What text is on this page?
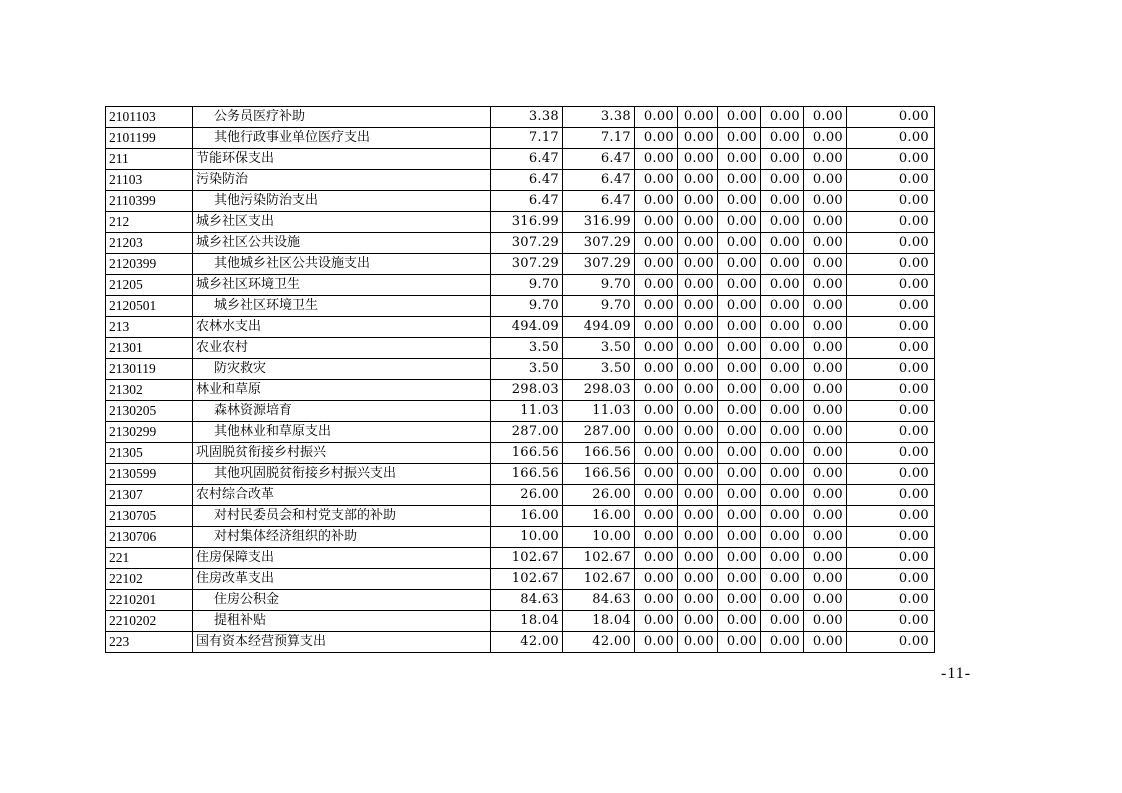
2101103	公务员医疗补助	3.38	3.38	0.00	0.00	0.00	0.00	0.00	0.00
2101199	其他行政事业单位医疗支出	7.17	7.17	0.00	0.00	0.00	0.00	0.00	0.00
211	节能环保支出	6.47	6.47	0.00	0.00	0.00	0.00	0.00	0.00
21103	污染防治	6.47	6.47	0.00	0.00	0.00	0.00	0.00	0.00
2110399	其他污染防治支出	6.47	6.47	0.00	0.00	0.00	0.00	0.00	0.00
212	城乡社区支出	316.99	316.99	0.00	0.00	0.00	0.00	0.00	0.00
21203	城乡社区公共设施	307.29	307.29	0.00	0.00	0.00	0.00	0.00	0.00
2120399	其他城乡社区公共设施支出	307.29	307.29	0.00	0.00	0.00	0.00	0.00	0.00
21205	城乡社区环境卫生	9.70	9.70	0.00	0.00	0.00	0.00	0.00	0.00
2120501	城乡社区环境卫生	9.70	9.70	0.00	0.00	0.00	0.00	0.00	0.00
213	农林水支出	494.09	494.09	0.00	0.00	0.00	0.00	0.00	0.00
21301	农业农村	3.50	3.50	0.00	0.00	0.00	0.00	0.00	0.00
2130119	防灾救灾	3.50	3.50	0.00	0.00	0.00	0.00	0.00	0.00
21302	林业和草原	298.03	298.03	0.00	0.00	0.00	0.00	0.00	0.00
2130205	森林资源培育	11.03	11.03	0.00	0.00	0.00	0.00	0.00	0.00
2130299	其他林业和草原支出	287.00	287.00	0.00	0.00	0.00	0.00	0.00	0.00
21305	巩固脱贫衔接乡村振兴	166.56	166.56	0.00	0.00	0.00	0.00	0.00	0.00
2130599	其他巩固脱贫衔接乡村振兴支出	166.56	166.56	0.00	0.00	0.00	0.00	0.00	0.00
21307	农村综合改革	26.00	26.00	0.00	0.00	0.00	0.00	0.00	0.00
2130705	对村民委员会和村党支部的补助	16.00	16.00	0.00	0.00	0.00	0.00	0.00	0.00
2130706	对村集体经济组织的补助	10.00	10.00	0.00	0.00	0.00	0.00	0.00	0.00
221	住房保障支出	102.67	102.67	0.00	0.00	0.00	0.00	0.00	0.00
22102	住房改革支出	102.67	102.67	0.00	0.00	0.00	0.00	0.00	0.00
2210201	住房公积金	84.63	84.63	0.00	0.00	0.00	0.00	0.00	0.00
2210202	提租补贴	18.04	18.04	0.00	0.00	0.00	0.00	0.00	0.00
223	国有资本经营预算支出	42.00	42.00	0.00	0.00	0.00	0.00	0.00	0.00
-11-
